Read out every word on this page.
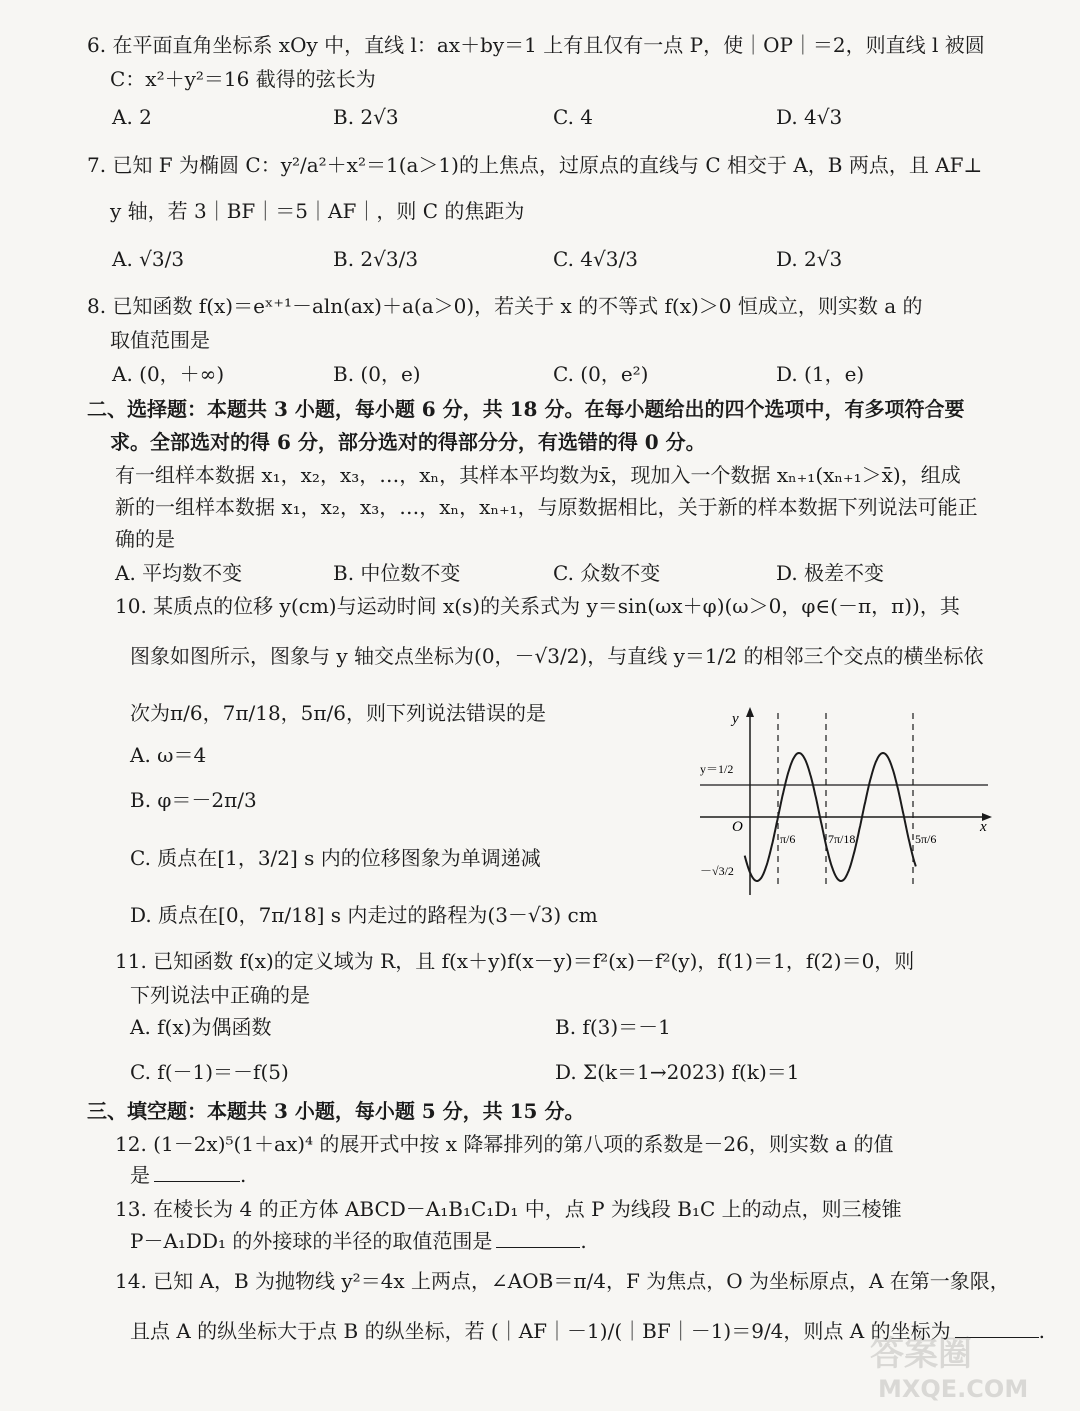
6. 在平面直角坐标系 xOy 中，直线 l：ax＋by＝1 上有且仅有一点 P，使｜OP｜＝2，则直线 l 被圆
C：x²＋y²＝16 截得的弦长为
A. 2	B. 2√3	C. 4	D. 4√3
7. 已知 F 为椭圆 C：y²/a²＋x²＝1(a＞1)的上焦点，过原点的直线与 C 相交于 A，B 两点，且 AF⊥
y 轴，若 3｜BF｜＝5｜AF｜，则 C 的焦距为
A. √3/3	B. 2√3/3	C. 4√3/3	D. 2√3
8. 已知函数 f(x)＝eˣ⁺¹－aln(ax)＋a(a＞0)，若关于 x 的不等式 f(x)＞0 恒成立，则实数 a 的
取值范围是
A. (0，＋∞)	B. (0，e)	C. (0，e²)	D. (1，e)
二、选择题：本题共 3 小题，每小题 6 分，共 18 分。在每小题给出的四个选项中，有多项符合要
求。全部选对的得 6 分，部分选对的得部分分，有选错的得 0 分。
有一组样本数据 x₁，x₂，x₃，…，xₙ，其样本平均数为x̄，现加入一个数据 xₙ₊₁(xₙ₊₁＞x̄)，组成
新的一组样本数据 x₁，x₂，x₃，…，xₙ，xₙ₊₁，与原数据相比，关于新的样本数据下列说法可能正
确的是
A. 平均数不变	B. 中位数不变	C. 众数不变	D. 极差不变
10. 某质点的位移 y(cm)与运动时间 x(s)的关系式为 y＝sin(ωx＋φ)(ω＞0，φ∈(－π，π))，其
图象如图所示，图象与 y 轴交点坐标为(0，－√3/2)，与直线 y＝1/2 的相邻三个交点的横坐标依
次为π/6，7π/18，5π/6，则下列说法错误的是
A. ω＝4
B. φ＝－2π/3
C. 质点在[1，3/2] s 内的位移图象为单调递减
D. 质点在[0，7π/18] s 内走过的路程为(3－√3) cm
y
x
O
y＝1/2
－√3/2
π/6	7π/18	5π/6
11. 已知函数 f(x)的定义域为 R，且 f(x＋y)f(x－y)＝f²(x)－f²(y)，f(1)＝1，f(2)＝0，则
下列说法中正确的是
A. f(x)为偶函数	B. f(3)＝－1
C. f(－1)＝－f(5)	D. Σ(k＝1→2023) f(k)＝1
三、填空题：本题共 3 小题，每小题 5 分，共 15 分。
12. (1－2x)⁵(1＋ax)⁴ 的展开式中按 x 降幂排列的第八项的系数是－26，则实数 a 的值
是	.
13. 在棱长为 4 的正方体 ABCD－A₁B₁C₁D₁ 中，点 P 为线段 B₁C 上的动点，则三棱锥
P－A₁DD₁ 的外接球的半径的取值范围是	.
14. 已知 A，B 为抛物线 y²＝4x 上两点，∠AOB＝π/4，F 为焦点，O 为坐标原点，A 在第一象限，
且点 A 的纵坐标大于点 B 的纵坐标，若 (｜AF｜－1)/(｜BF｜－1)＝9/4，则点 A 的坐标为	.
答案圈
MXQE.COM
